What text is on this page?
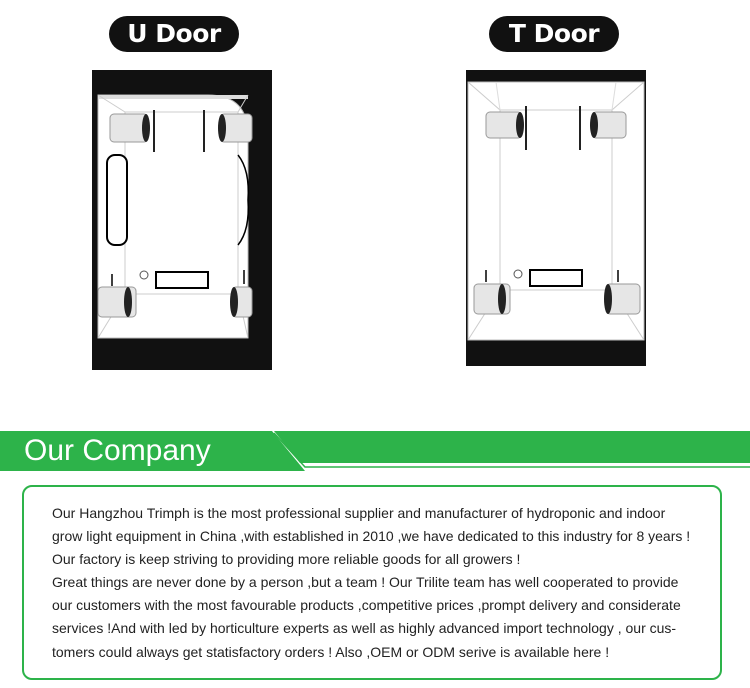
U Door	T Door
Our Company
Our Hangzhou Trimph is the most professional supplier and manufacturer of hydroponic and indoor
grow light equipment in China ,with established in 2010 ,we have dedicated to this industry for 8 years !
Our factory is keep striving to providing more reliable goods for all growers !
Great things are never done by a person ,but a team ! Our Trilite team has well cooperated to provide
our customers with the most favourable products ,competitive prices ,prompt delivery and considerate
services !And with led by horticulture experts as well as highly advanced import technology , our cus-
tomers could always get statisfactory orders ! Also ,OEM or ODM serive is available here !
